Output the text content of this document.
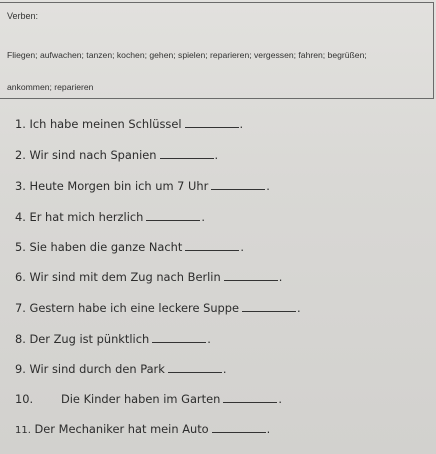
Verben:
Fliegen; aufwachen; tanzen; kochen; gehen; spielen; reparieren; vergessen; fahren; begrüßen;
ankommen; reparieren
1. Ich habe meinen Schlüssel	.
2. Wir sind nach Spanien	.
3. Heute Morgen bin ich um 7 Uhr	.
4. Er hat mich herzlich	.
5. Sie haben die ganze Nacht	.
6. Wir sind mit dem Zug nach Berlin	.
7. Gestern habe ich eine leckere Suppe	.
8. Der Zug ist pünktlich	.
9. Wir sind durch den Park	.
10. Die Kinder haben im Garten	.
11. Der Mechaniker hat mein Auto	.
